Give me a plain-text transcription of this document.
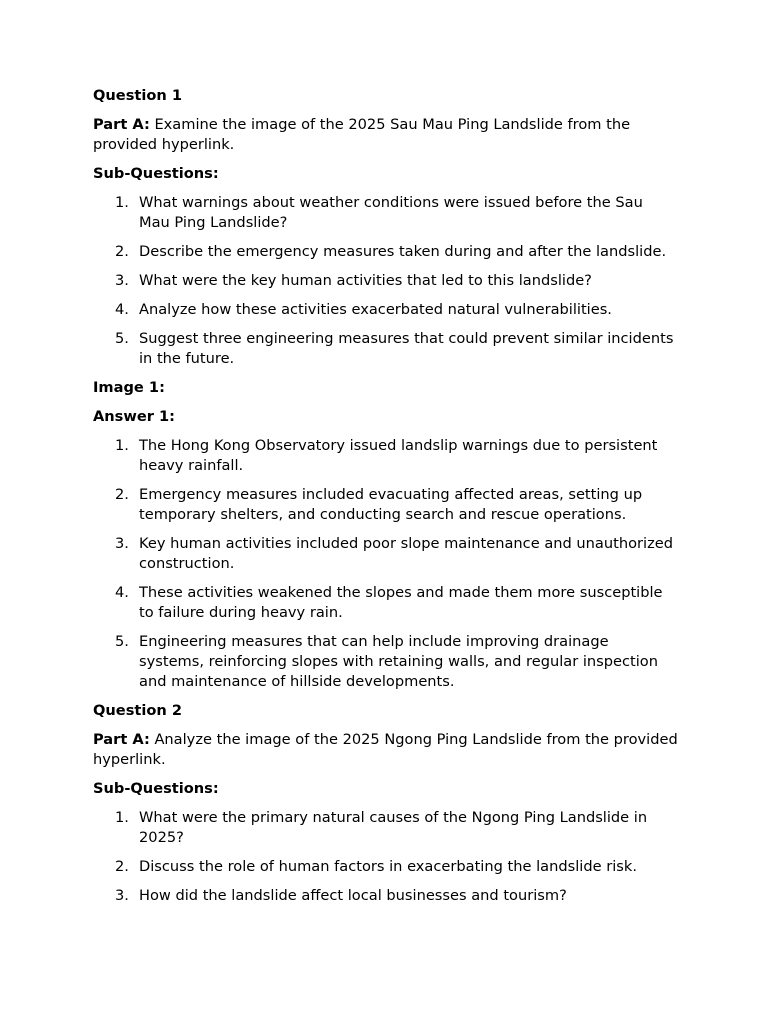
Question 1

Part A: Examine the image of the 2025 Sau Mau Ping Landslide from the provided hyperlink.

Sub-Questions:

1. What warnings about weather conditions were issued before the Sau Mau Ping Landslide?
2. Describe the emergency measures taken during and after the landslide.
3. What were the key human activities that led to this landslide?
4. Analyze how these activities exacerbated natural vulnerabilities.
5. Suggest three engineering measures that could prevent similar incidents in the future.

Image 1:

Answer 1:

1. The Hong Kong Observatory issued landslip warnings due to persistent heavy rainfall.
2. Emergency measures included evacuating affected areas, setting up temporary shelters, and conducting search and rescue operations.
3. Key human activities included poor slope maintenance and unauthorized construction.
4. These activities weakened the slopes and made them more susceptible to failure during heavy rain.
5. Engineering measures that can help include improving drainage systems, reinforcing slopes with retaining walls, and regular inspection and maintenance of hillside developments.

Question 2

Part A: Analyze the image of the 2025 Ngong Ping Landslide from the provided hyperlink.

Sub-Questions:

1. What were the primary natural causes of the Ngong Ping Landslide in 2025?
2. Discuss the role of human factors in exacerbating the landslide risk.
3. How did the landslide affect local businesses and tourism?
